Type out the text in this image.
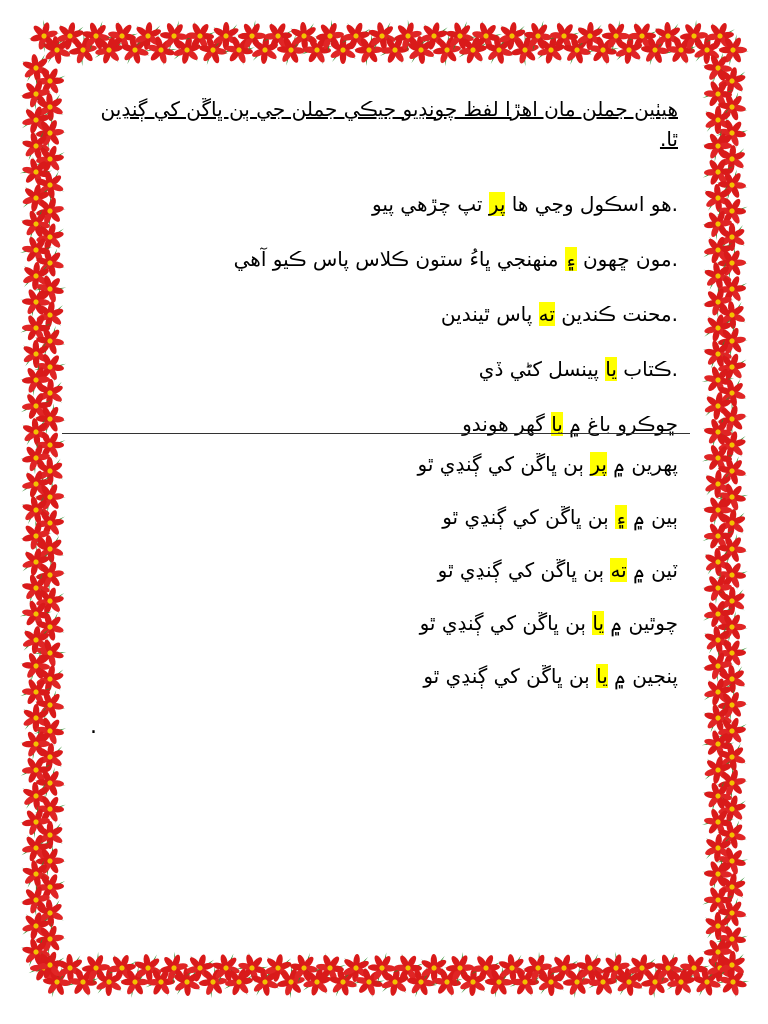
هيٺين جملن مان اهڙا لفظ چونڊيو جيڪي جملن جي ٻن ڀاڱن کي ڳنڍين ٿا.
.هو اسڪول وڃي ها پر تپ چڙهي پيو
.مون ڇهون ۽ منهنجي ڀاءُ ستون ڪلاس پاس ڪيو آهي
.محنت ڪندين ته پاس ٿيندين
.ڪتاب يا پينسل کڻي ڏي
ڇوڪرو باغ ۾ يا گهر هوندو
پهرين ۾ پر ٻن ڀاڱن کي ڳنڍي ٿو
ٻين ۾ ۽ ٻن ڀاڱن کي ڳنڍي ٿو
ٽين ۾ ته ٻن ڀاڱن کي ڳنڍي ٿو
چوٿين ۾ يا ٻن ڀاڱن کي ڳنڍي ٿو
پنجين ۾ يا ٻن ڀاڱن کي ڳنڍي ٿو
.
